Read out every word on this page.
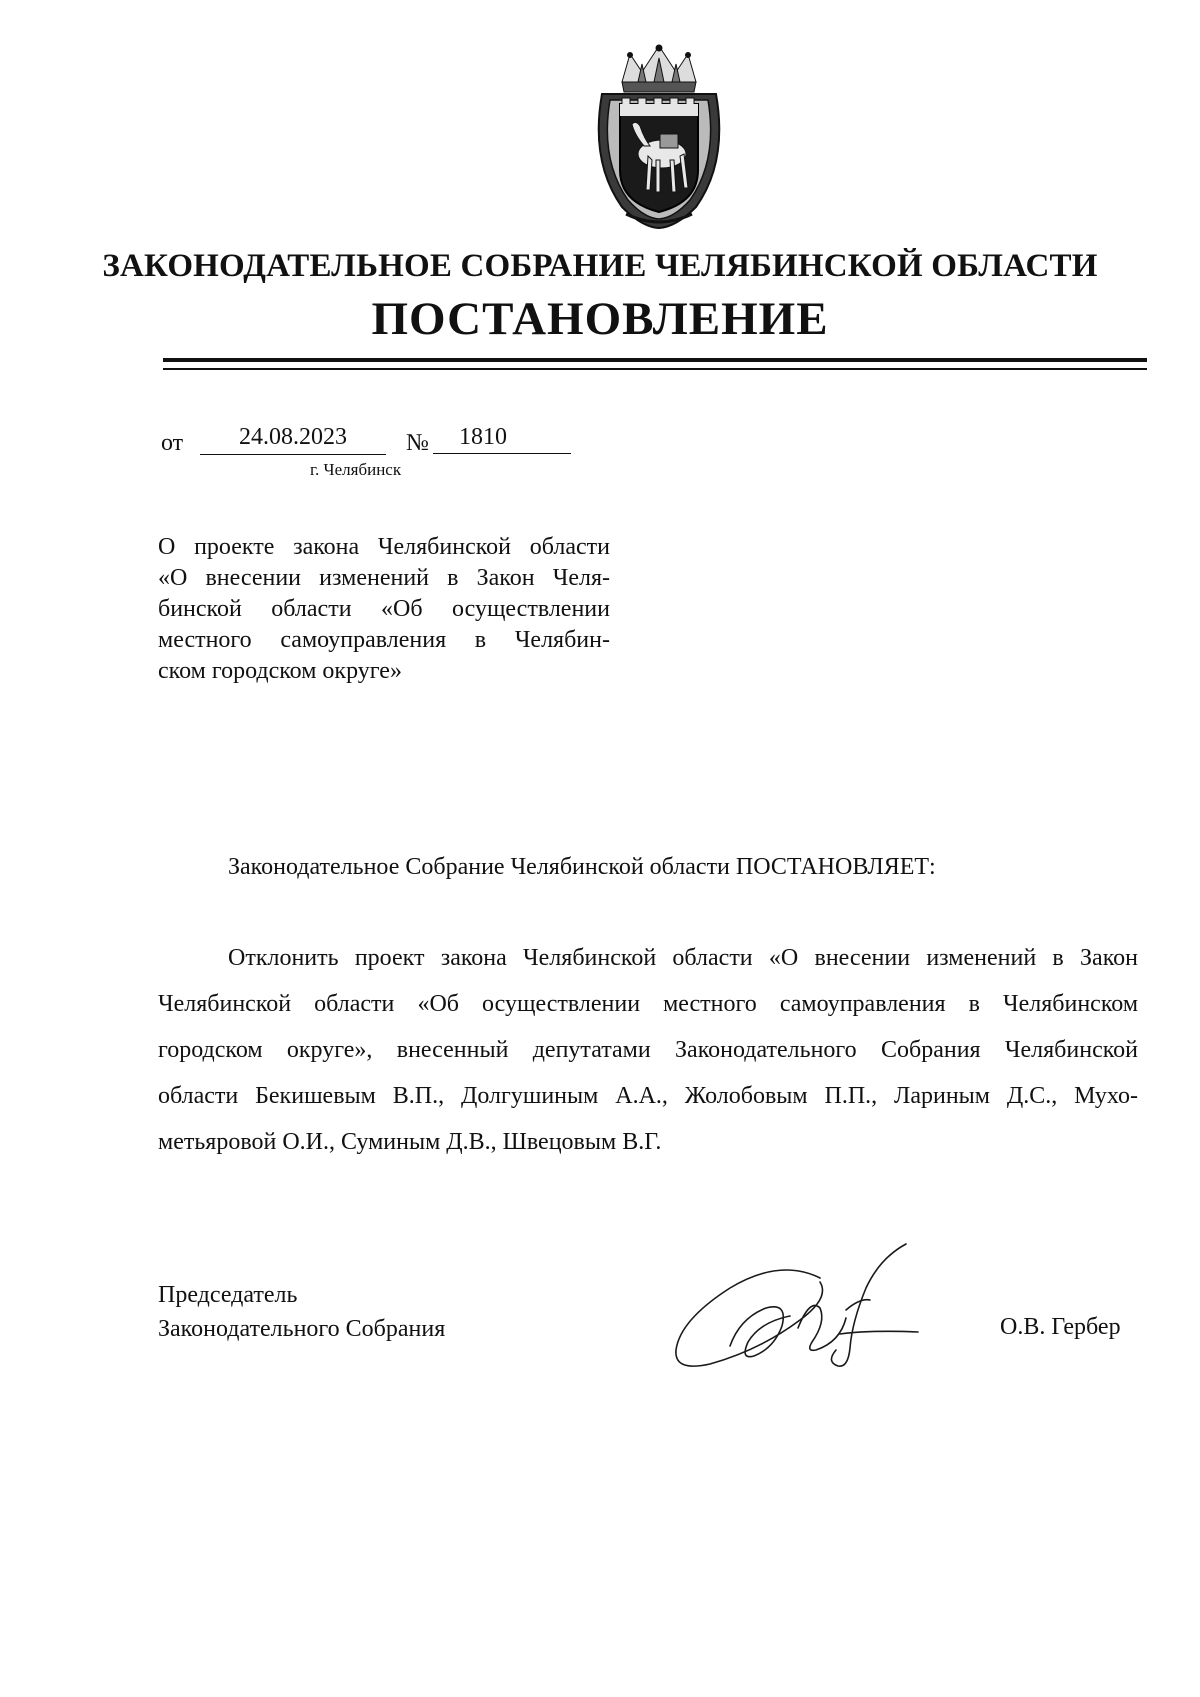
ЗАКОНОДАТЕЛЬНОЕ СОБРАНИЕ ЧЕЛЯБИНСКОЙ ОБЛАСТИ
ПОСТАНОВЛЕНИЕ
от	24.08.2023	№	1810
г. Челябинск
О проекте закона Челябинской области
«О внесении изменений в Закон Челя-
бинской области «Об осуществлении
местного самоуправления в Челябин-
ском городском округе»
Законодательное Собрание Челябинской области ПОСТАНОВЛЯЕТ:
Отклонить проект закона Челябинской области «О внесении изменений в Закон
Челябинской области «Об осуществлении местного самоуправления в Челябинском
городском округе», внесенный депутатами Законодательного Собрания Челябинской
области Бекишевым В.П., Долгушиным А.А., Жолобовым П.П., Лариным Д.С., Мухо-
метьяровой О.И., Суминым Д.В., Швецовым В.Г.
Председатель
Законодательного Собрания	О.В. Гербер
